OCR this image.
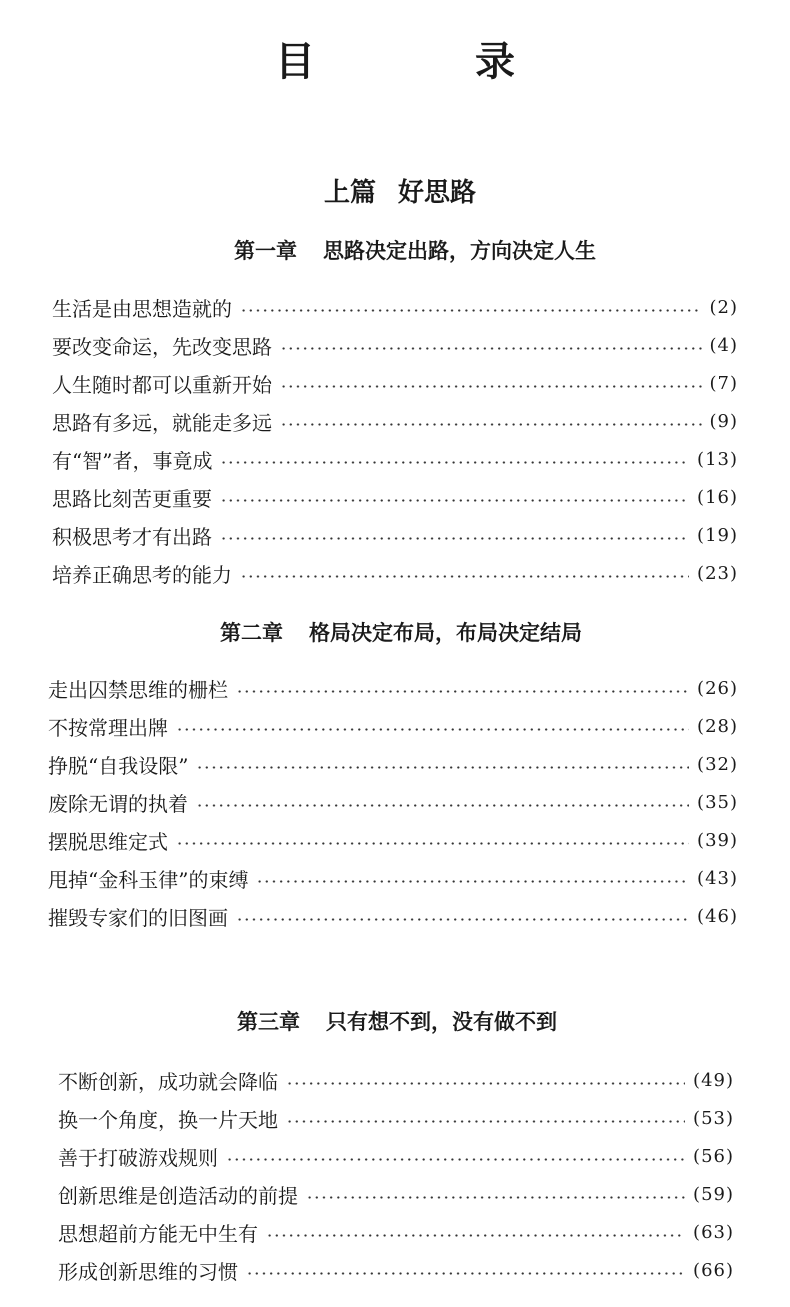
目　录
上篇 好思路
第一章 思路决定出路，方向决定人生
生活是由思想造就的	(2)
要改变命运，先改变思路	(4)
人生随时都可以重新开始	(7)
思路有多远，就能走多远	(9)
有“智”者，事竟成	(13)
思路比刻苦更重要	(16)
积极思考才有出路	(19)
培养正确思考的能力	(23)
第二章 格局决定布局，布局决定结局
走出囚禁思维的栅栏	(26)
不按常理出牌	(28)
挣脱“自我设限”	(32)
废除无谓的执着	(35)
摆脱思维定式	(39)
甩掉“金科玉律”的束缚	(43)
摧毁专家们的旧图画	(46)
第三章 只有想不到，没有做不到
不断创新，成功就会降临	(49)
换一个角度，换一片天地	(53)
善于打破游戏规则	(56)
创新思维是创造活动的前提	(59)
思想超前方能无中生有	(63)
形成创新思维的习惯	(66)
